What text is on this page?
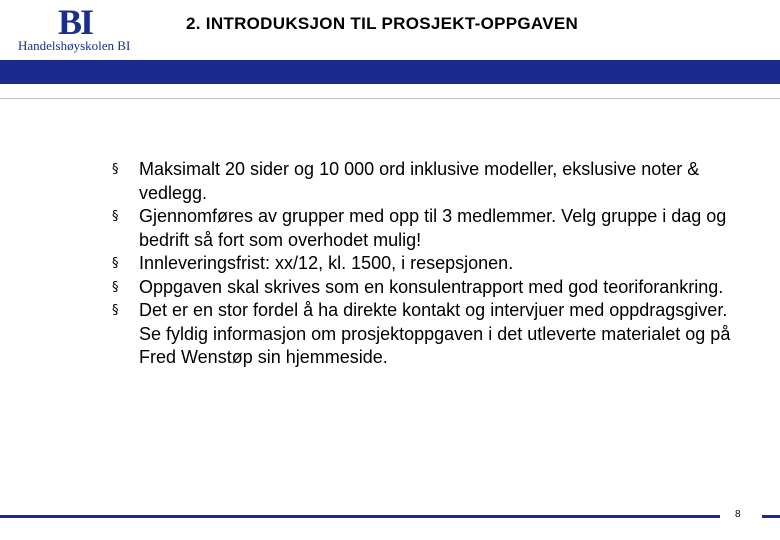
BI
Handelshøyskolen BI
2. INTRODUKSJON TIL PROSJEKT-OPPGAVEN
§ Maksimalt 20 sider og 10 000 ord inklusive modeller, ekslusive noter & vedlegg.
§ Gjennomføres av grupper med opp til 3 medlemmer. Velg gruppe i dag og bedrift så fort som overhodet mulig!
§ Innleveringsfrist: xx/12, kl. 1500, i resepsjonen.
§ Oppgaven skal skrives som en konsulentrapport med god teoriforankring.
§ Det er en stor fordel å ha direkte kontakt og intervjuer med oppdragsgiver. Se fyldig informasjon om prosjektoppgaven i det utleverte materialet og på Fred Wenstøp sin hjemmeside.
8
